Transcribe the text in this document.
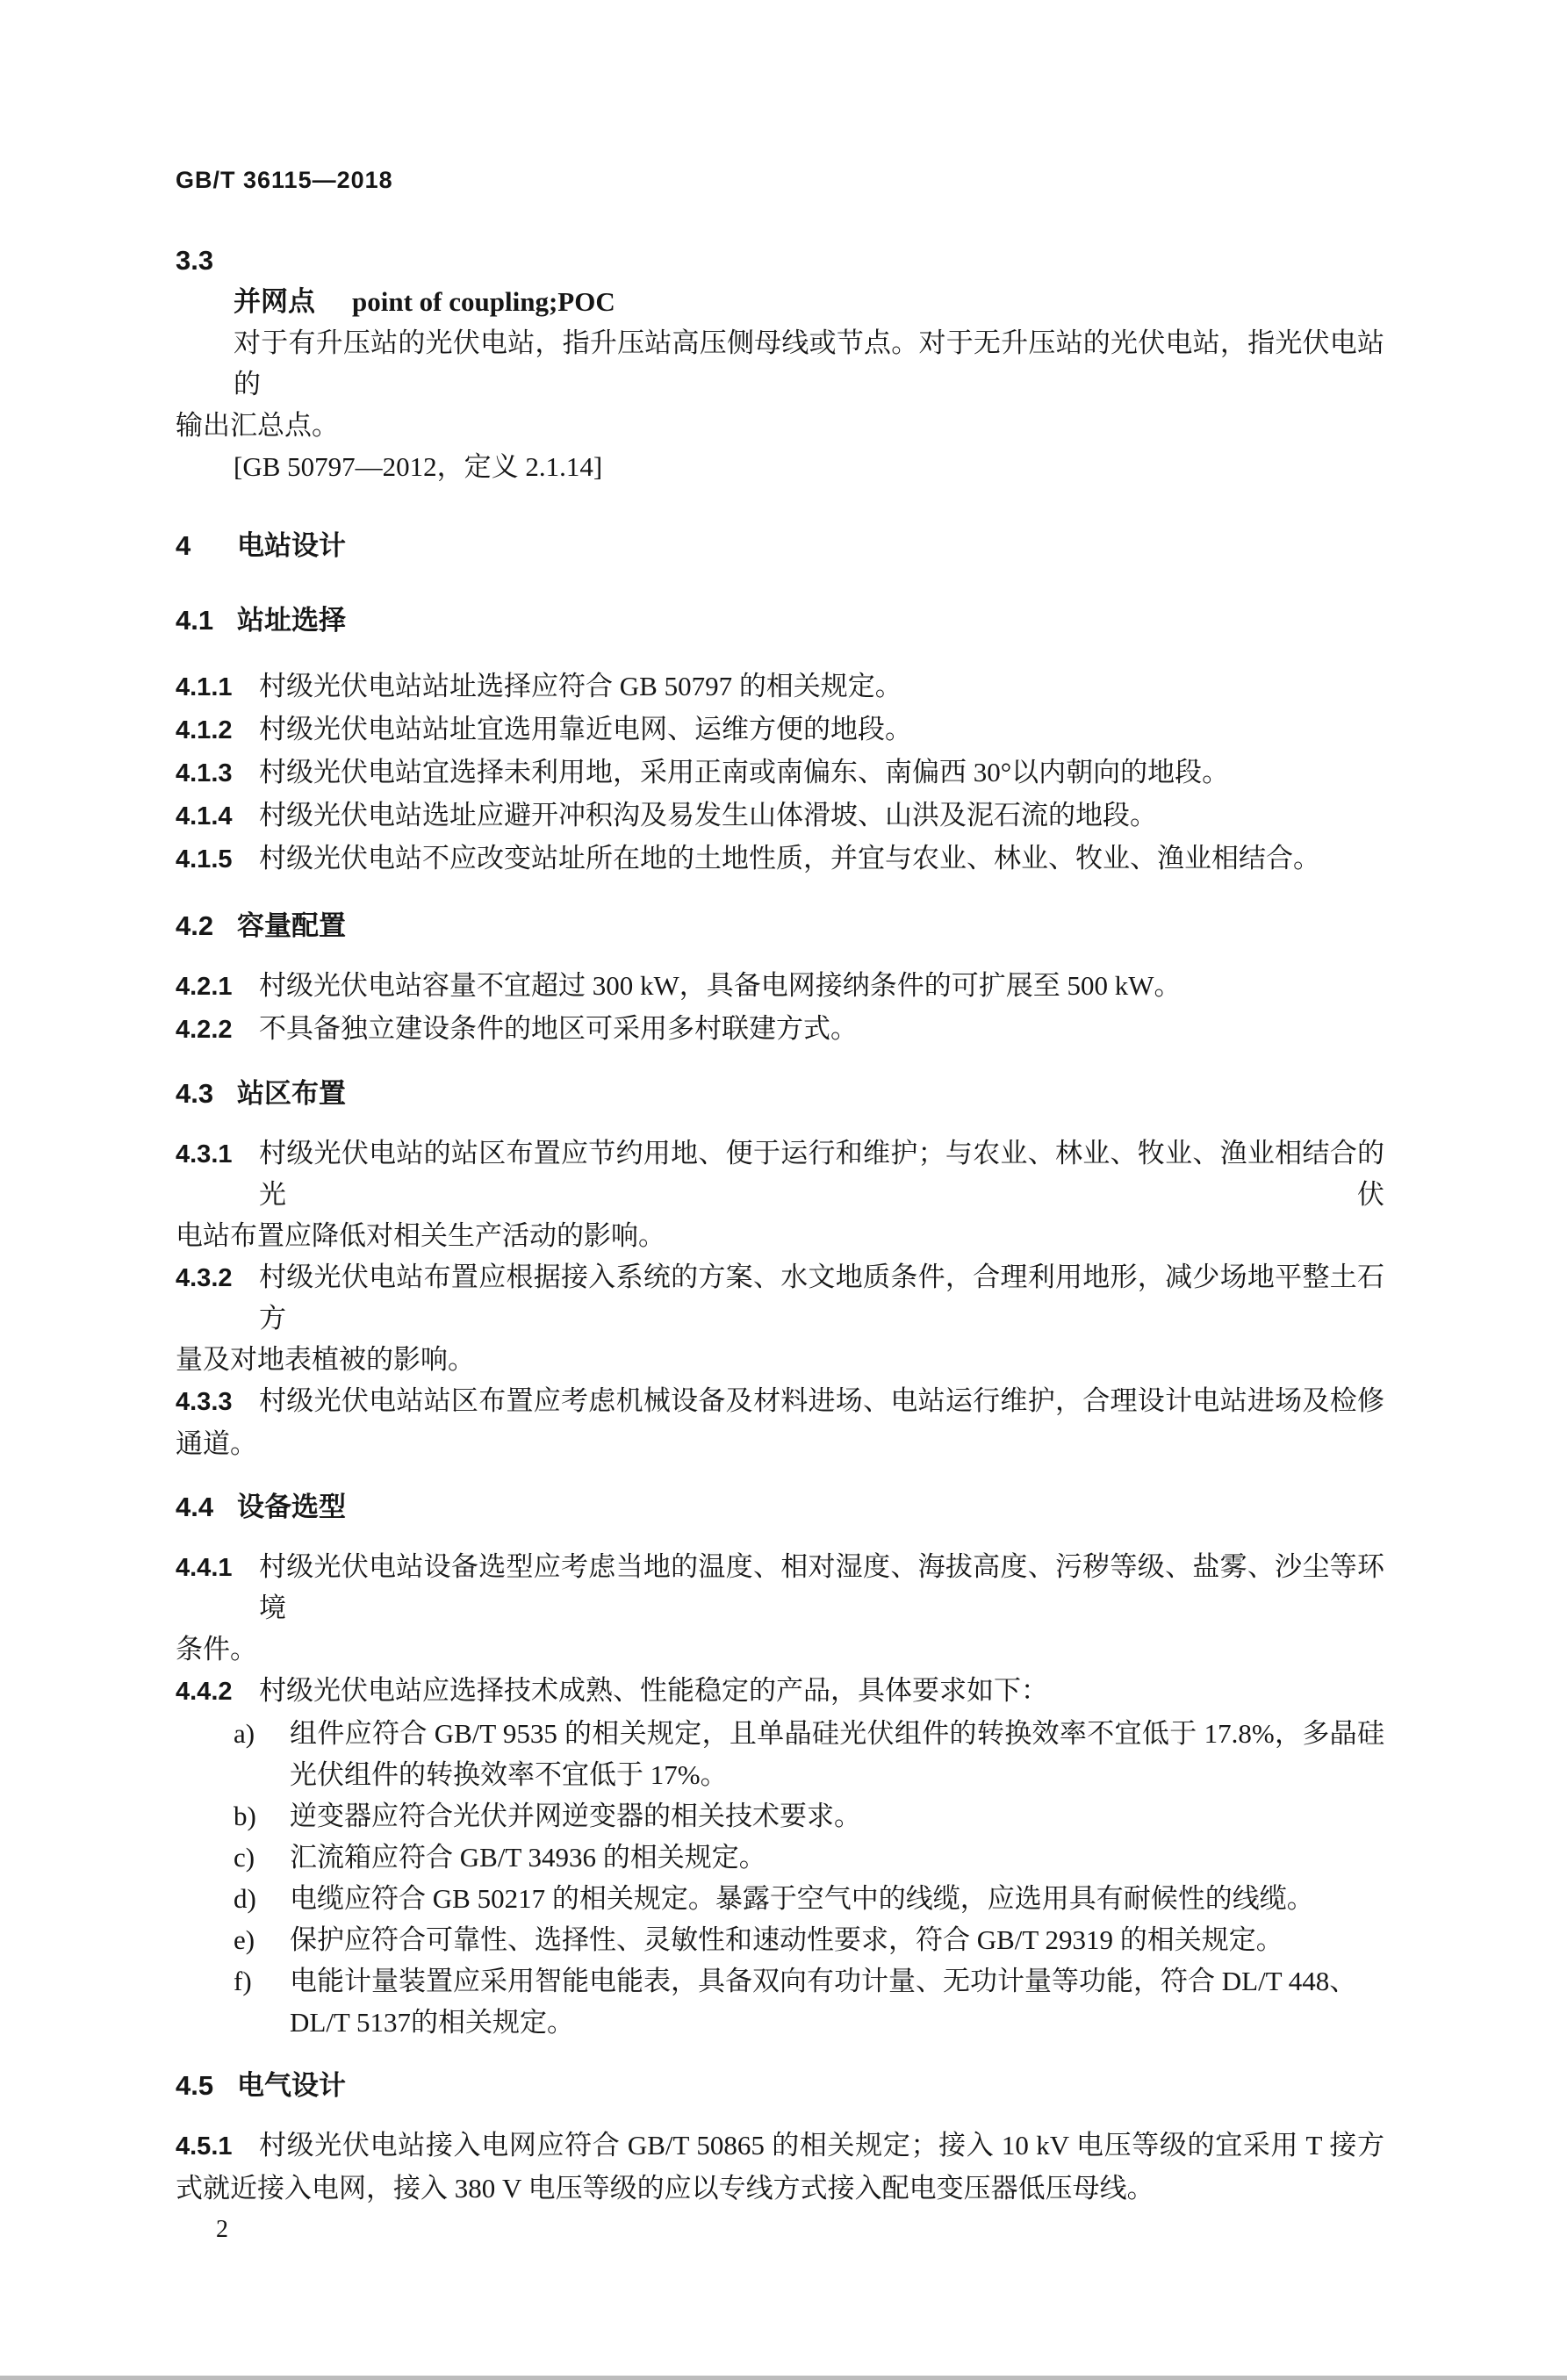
GB/T 36115—2018
3.3
并网点 point of coupling;POC
对于有升压站的光伏电站，指升压站高压侧母线或节点。对于无升压站的光伏电站，指光伏电站的
输出汇总点。
[GB 50797—2012，定义 2.1.14]
4	电站设计
4.1 站址选择
4.1.1 村级光伏电站站址选择应符合 GB 50797 的相关规定。
4.1.2 村级光伏电站站址宜选用靠近电网、运维方便的地段。
4.1.3 村级光伏电站宜选择未利用地，采用正南或南偏东、南偏西 30°以内朝向的地段。
4.1.4 村级光伏电站选址应避开冲积沟及易发生山体滑坡、山洪及泥石流的地段。
4.1.5 村级光伏电站不应改变站址所在地的土地性质，并宜与农业、林业、牧业、渔业相结合。
4.2 容量配置
4.2.1 村级光伏电站容量不宜超过 300 kW，具备电网接纳条件的可扩展至 500 kW。
4.2.2 不具备独立建设条件的地区可采用多村联建方式。
4.3 站区布置
4.3.1 村级光伏电站的站区布置应节约用地、便于运行和维护；与农业、林业、牧业、渔业相结合的光伏
电站布置应降低对相关生产活动的影响。
4.3.2 村级光伏电站布置应根据接入系统的方案、水文地质条件，合理利用地形，减少场地平整土石方
量及对地表植被的影响。
4.3.3 村级光伏电站站区布置应考虑机械设备及材料进场、电站运行维护，合理设计电站进场及检修
通道。
4.4 设备选型
4.4.1 村级光伏电站设备选型应考虑当地的温度、相对湿度、海拔高度、污秽等级、盐雾、沙尘等环境
条件。
4.4.2 村级光伏电站应选择技术成熟、性能稳定的产品，具体要求如下：
a)	组件应符合 GB/T 9535 的相关规定，且单晶硅光伏组件的转换效率不宜低于 17.8%，多晶硅
光伏组件的转换效率不宜低于 17%。
b)	逆变器应符合光伏并网逆变器的相关技术要求。
c)	汇流箱应符合 GB/T 34936 的相关规定。
d)	电缆应符合 GB 50217 的相关规定。暴露于空气中的线缆，应选用具有耐候性的线缆。
e)	保护应符合可靠性、选择性、灵敏性和速动性要求，符合 GB/T 29319 的相关规定。
f)	电能计量装置应采用智能电能表，具备双向有功计量、无功计量等功能，符合 DL/T 448、
DL/T 5137的相关规定。
4.5 电气设计
4.5.1 村级光伏电站接入电网应符合 GB/T 50865 的相关规定；接入 10 kV 电压等级的宜采用 T 接方
式就近接入电网，接入 380 V 电压等级的应以专线方式接入配电变压器低压母线。
2
